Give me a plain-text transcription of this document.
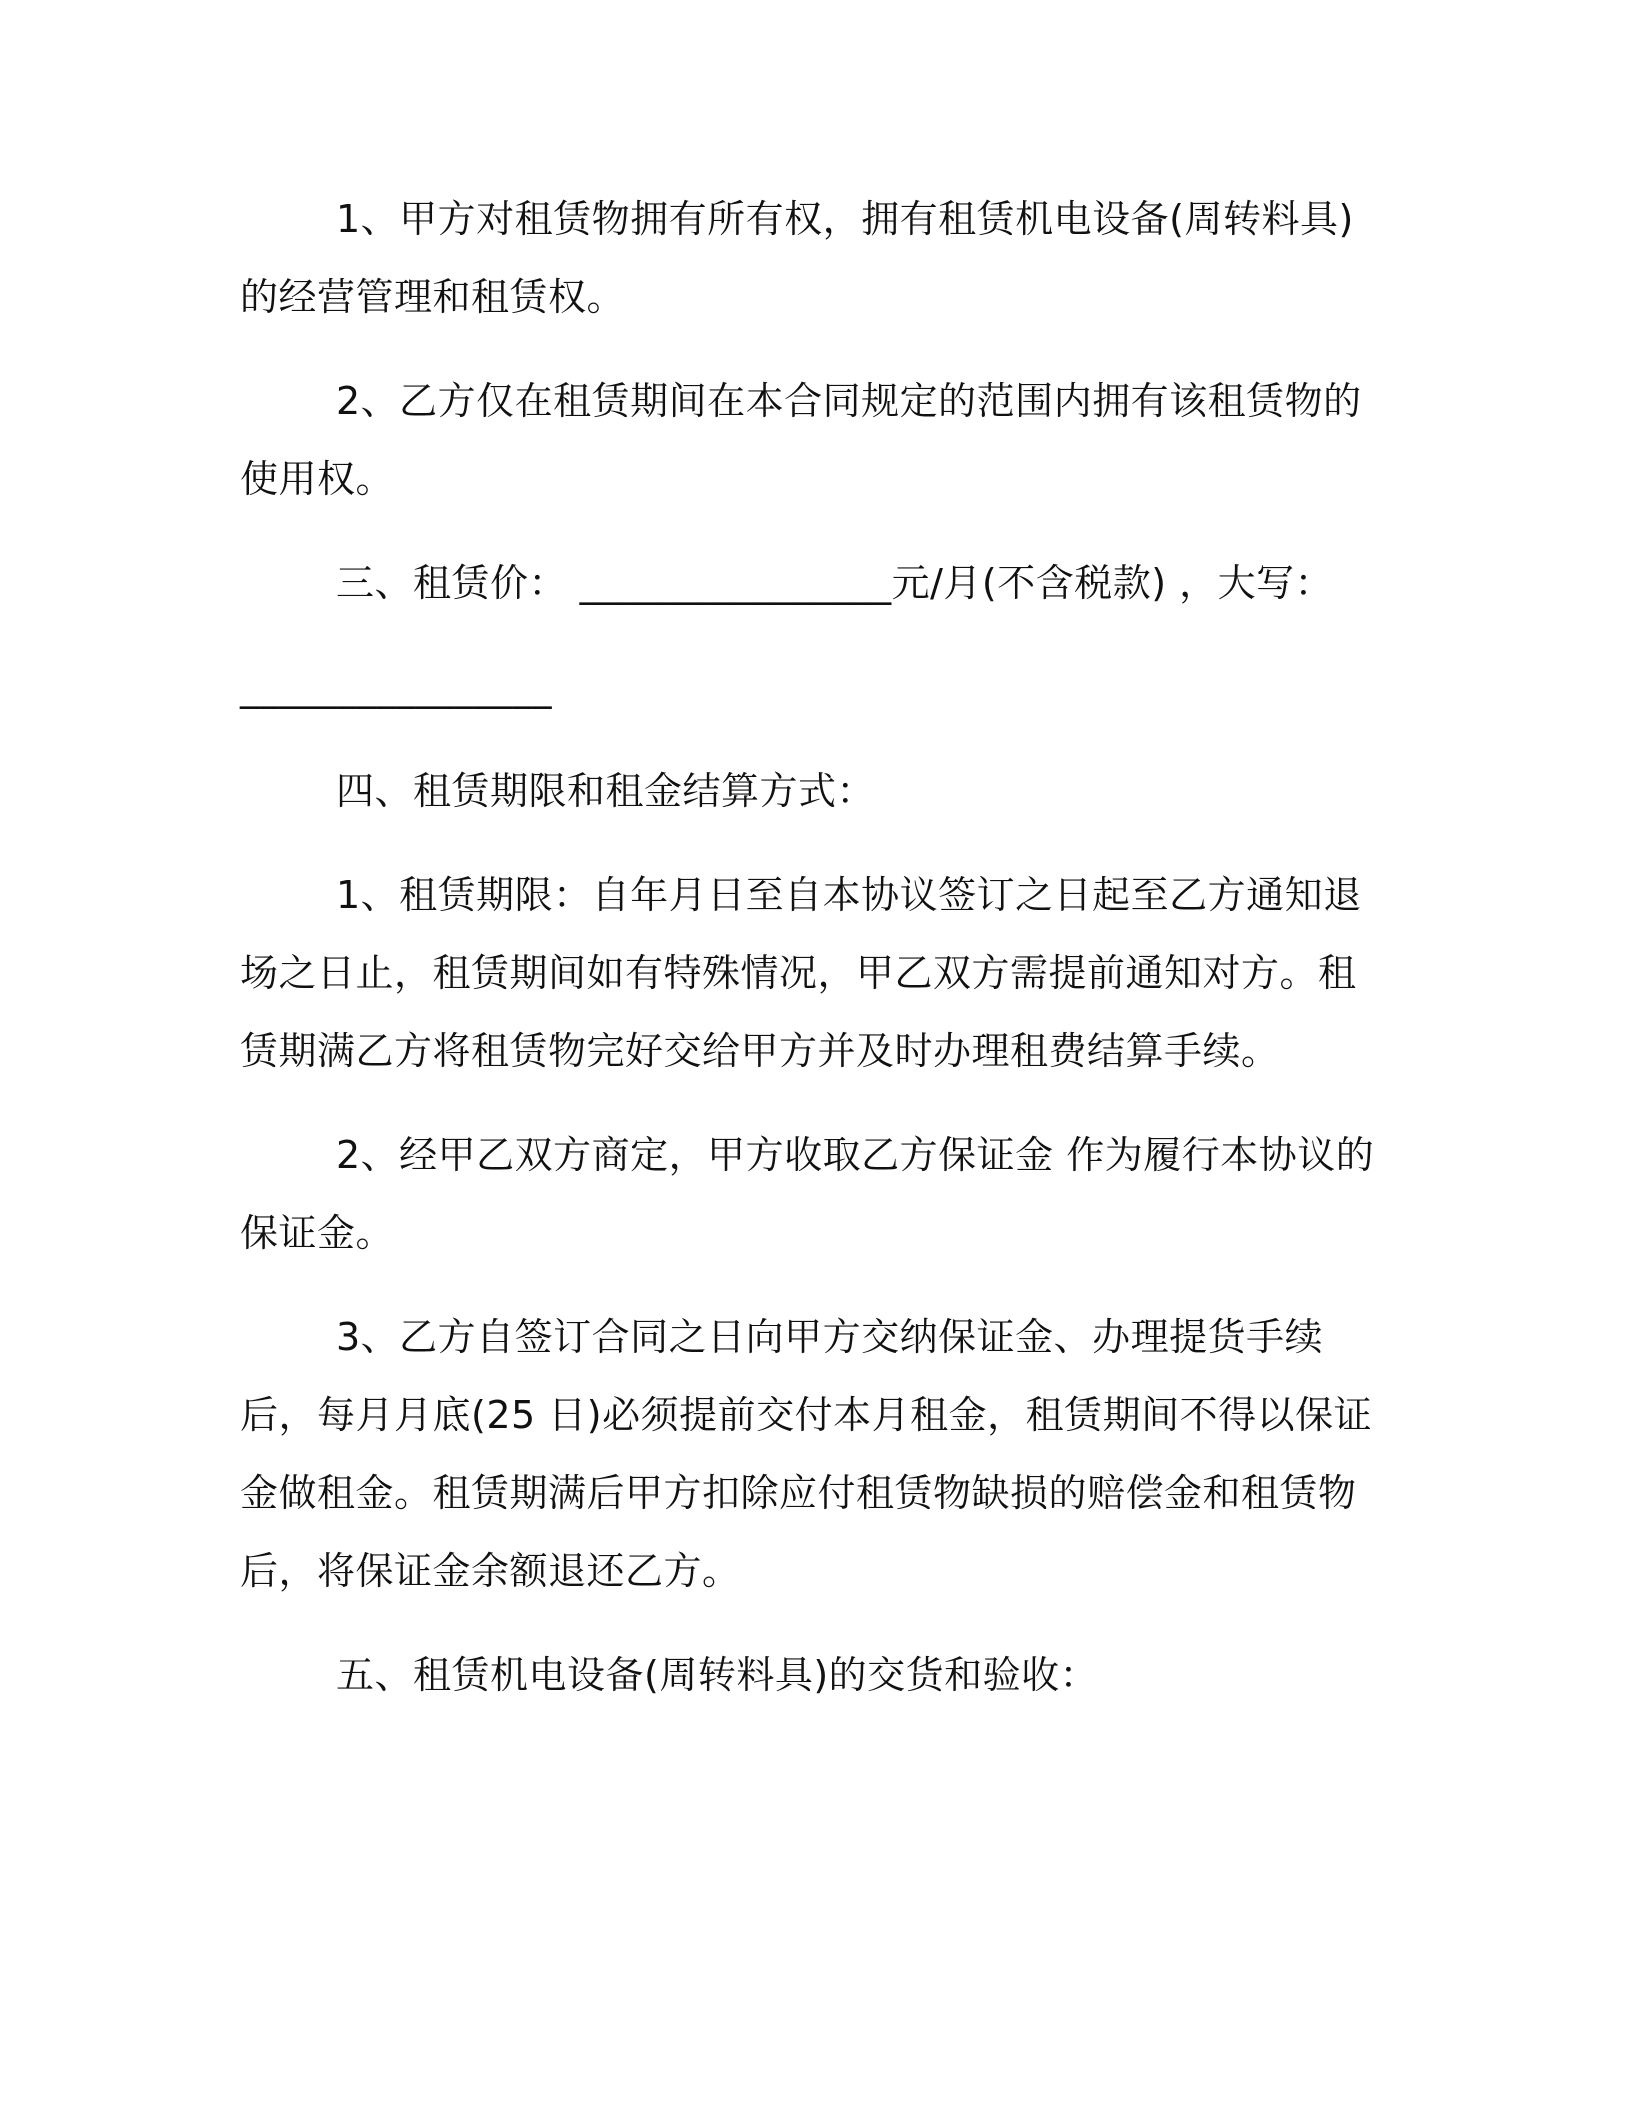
1、甲方对租赁物拥有所有权，拥有租赁机电设备(周转料具)的经营管理和租赁权。

2、乙方仅在租赁期间在本合同规定的范围内拥有该租赁物的使用权。

三、租赁价： ________________元/月(不含税款) ，大写：

________________

四、租赁期限和租金结算方式：

1、租赁期限：自年月日至自本协议签订之日起至乙方通知退场之日止，租赁期间如有特殊情况，甲乙双方需提前通知对方。租赁期满乙方将租赁物完好交给甲方并及时办理租费结算手续。

2、经甲乙双方商定，甲方收取乙方保证金 作为履行本协议的保证金。

3、乙方自签订合同之日向甲方交纳保证金、办理提货手续后，每月月底(25 日)必须提前交付本月租金，租赁期间不得以保证金做租金。租赁期满后甲方扣除应付租赁物缺损的赔偿金和租赁物后，将保证金余额退还乙方。

五、租赁机电设备(周转料具)的交货和验收：
